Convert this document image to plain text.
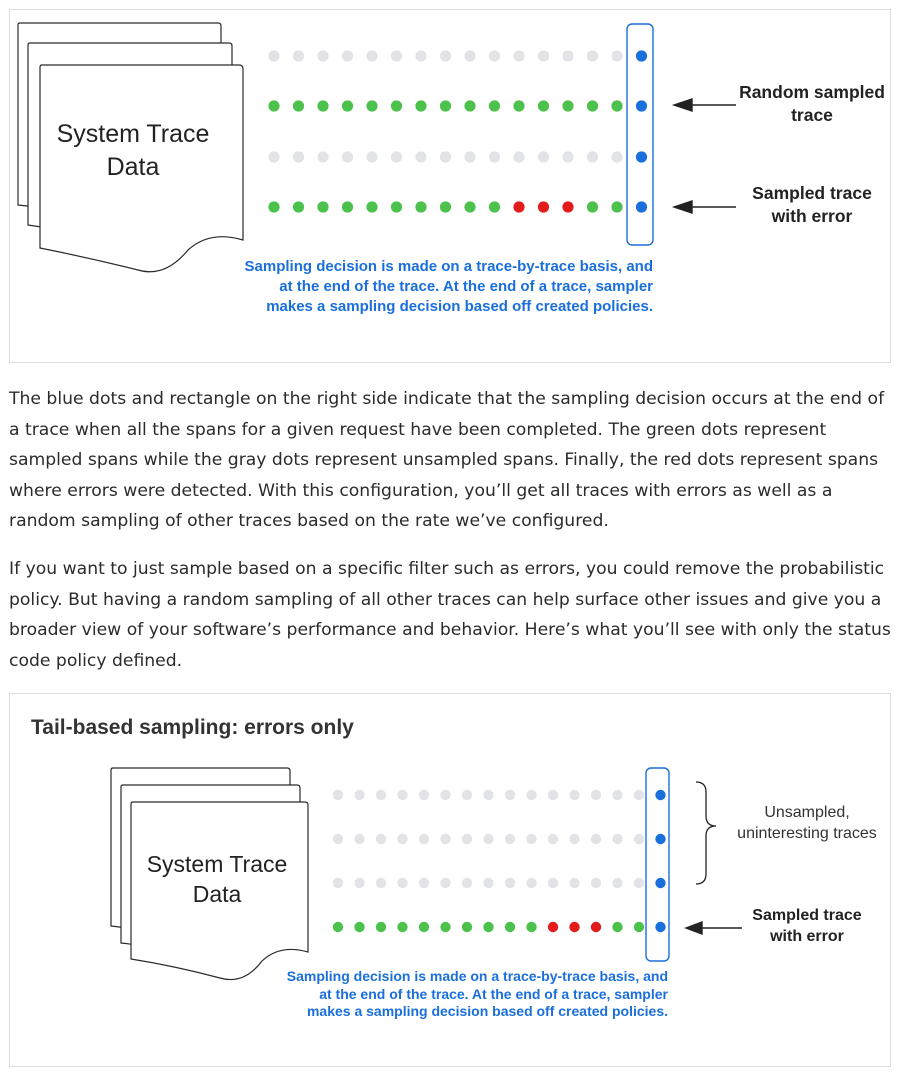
System Trace Data

Random sampled trace

Sampled trace with error

Sampling decision is made on a trace-by-trace basis, and at the end of the trace. At the end of a trace, sampler makes a sampling decision based off created policies.

The blue dots and rectangle on the right side indicate that the sampling decision occurs at the end of a trace when all the spans for a given request have been completed. The green dots represent sampled spans while the gray dots represent unsampled spans. Finally, the red dots represent spans where errors were detected. With this configuration, you’ll get all traces with errors as well as a random sampling of other traces based on the rate we’ve configured.

If you want to just sample based on a specific filter such as errors, you could remove the probabilistic policy. But having a random sampling of all other traces can help surface other issues and give you a broader view of your software’s performance and behavior. Here’s what you’ll see with only the status code policy defined.

Tail-based sampling: errors only

System Trace Data

Unsampled, uninteresting traces

Sampled trace with error

Sampling decision is made on a trace-by-trace basis, and at the end of the trace. At the end of a trace, sampler makes a sampling decision based off created policies.
